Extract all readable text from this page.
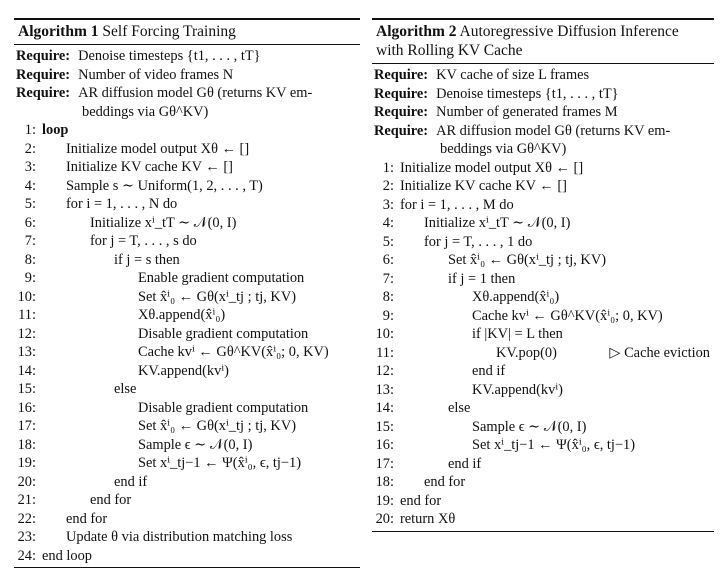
Algorithm 1 Self Forcing Training
Require: Denoise timesteps {t1, . . . , tT}
Require: Number of video frames N
Require: AR diffusion model Gθ (returns KV em-
beddings via Gθ^KV)
1: loop
2:	Initialize model output Xθ ← []
3:	Initialize KV cache KV ← []
4:	Sample s ∼ Uniform(1, 2, . . . , T)
5:	for i = 1, . . . , N do
6:	Initialize xⁱ_tT ∼ 𝒩(0, I)
7:	for j = T, . . . , s do
8:	if j = s then
9:	Enable gradient computation
10:	Set x̂ⁱ₀ ← Gθ(xⁱ_tj ; tj, KV)
11:	Xθ.append(x̂ⁱ₀)
12:	Disable gradient computation
13:	Cache kvⁱ ← Gθ^KV(x̂ⁱ₀; 0, KV)
14:	KV.append(kvⁱ)
15:	else
16:	Disable gradient computation
17:	Set x̂ⁱ₀ ← Gθ(xⁱ_tj ; tj, KV)
18:	Sample ϵ ∼ 𝒩(0, I)
19:	Set xⁱ_tj−1 ← Ψ(x̂ⁱ₀, ϵ, tj−1)
20:	end if
21:	end for
22:	end for
23:	Update θ via distribution matching loss
24: end loop
Algorithm 2 Autoregressive Diffusion Inference
with Rolling KV Cache
Require: KV cache of size L frames
Require: Denoise timesteps {t1, . . . , tT}
Require: Number of generated frames M
Require: AR diffusion model Gθ (returns KV em-
beddings via Gθ^KV)
1: Initialize model output Xθ ← []
2: Initialize KV cache KV ← []
3: for i = 1, . . . , M do
4:	Initialize xⁱ_tT ∼ 𝒩(0, I)
5:	for j = T, . . . , 1 do
6:	Set x̂ⁱ₀ ← Gθ(xⁱ_tj ; tj, KV)
7:	if j = 1 then
8:	Xθ.append(x̂ⁱ₀)
9:	Cache kvⁱ ← Gθ^KV(x̂ⁱ₀; 0, KV)
10:	if |KV| = L then
11:	KV.pop(0)	▷ Cache eviction
12:	end if
13:	KV.append(kvⁱ)
14:	else
15:	Sample ϵ ∼ 𝒩(0, I)
16:	Set xⁱ_tj−1 ← Ψ(x̂ⁱ₀, ϵ, tj−1)
17:	end if
18:	end for
19: end for
20: return Xθ
